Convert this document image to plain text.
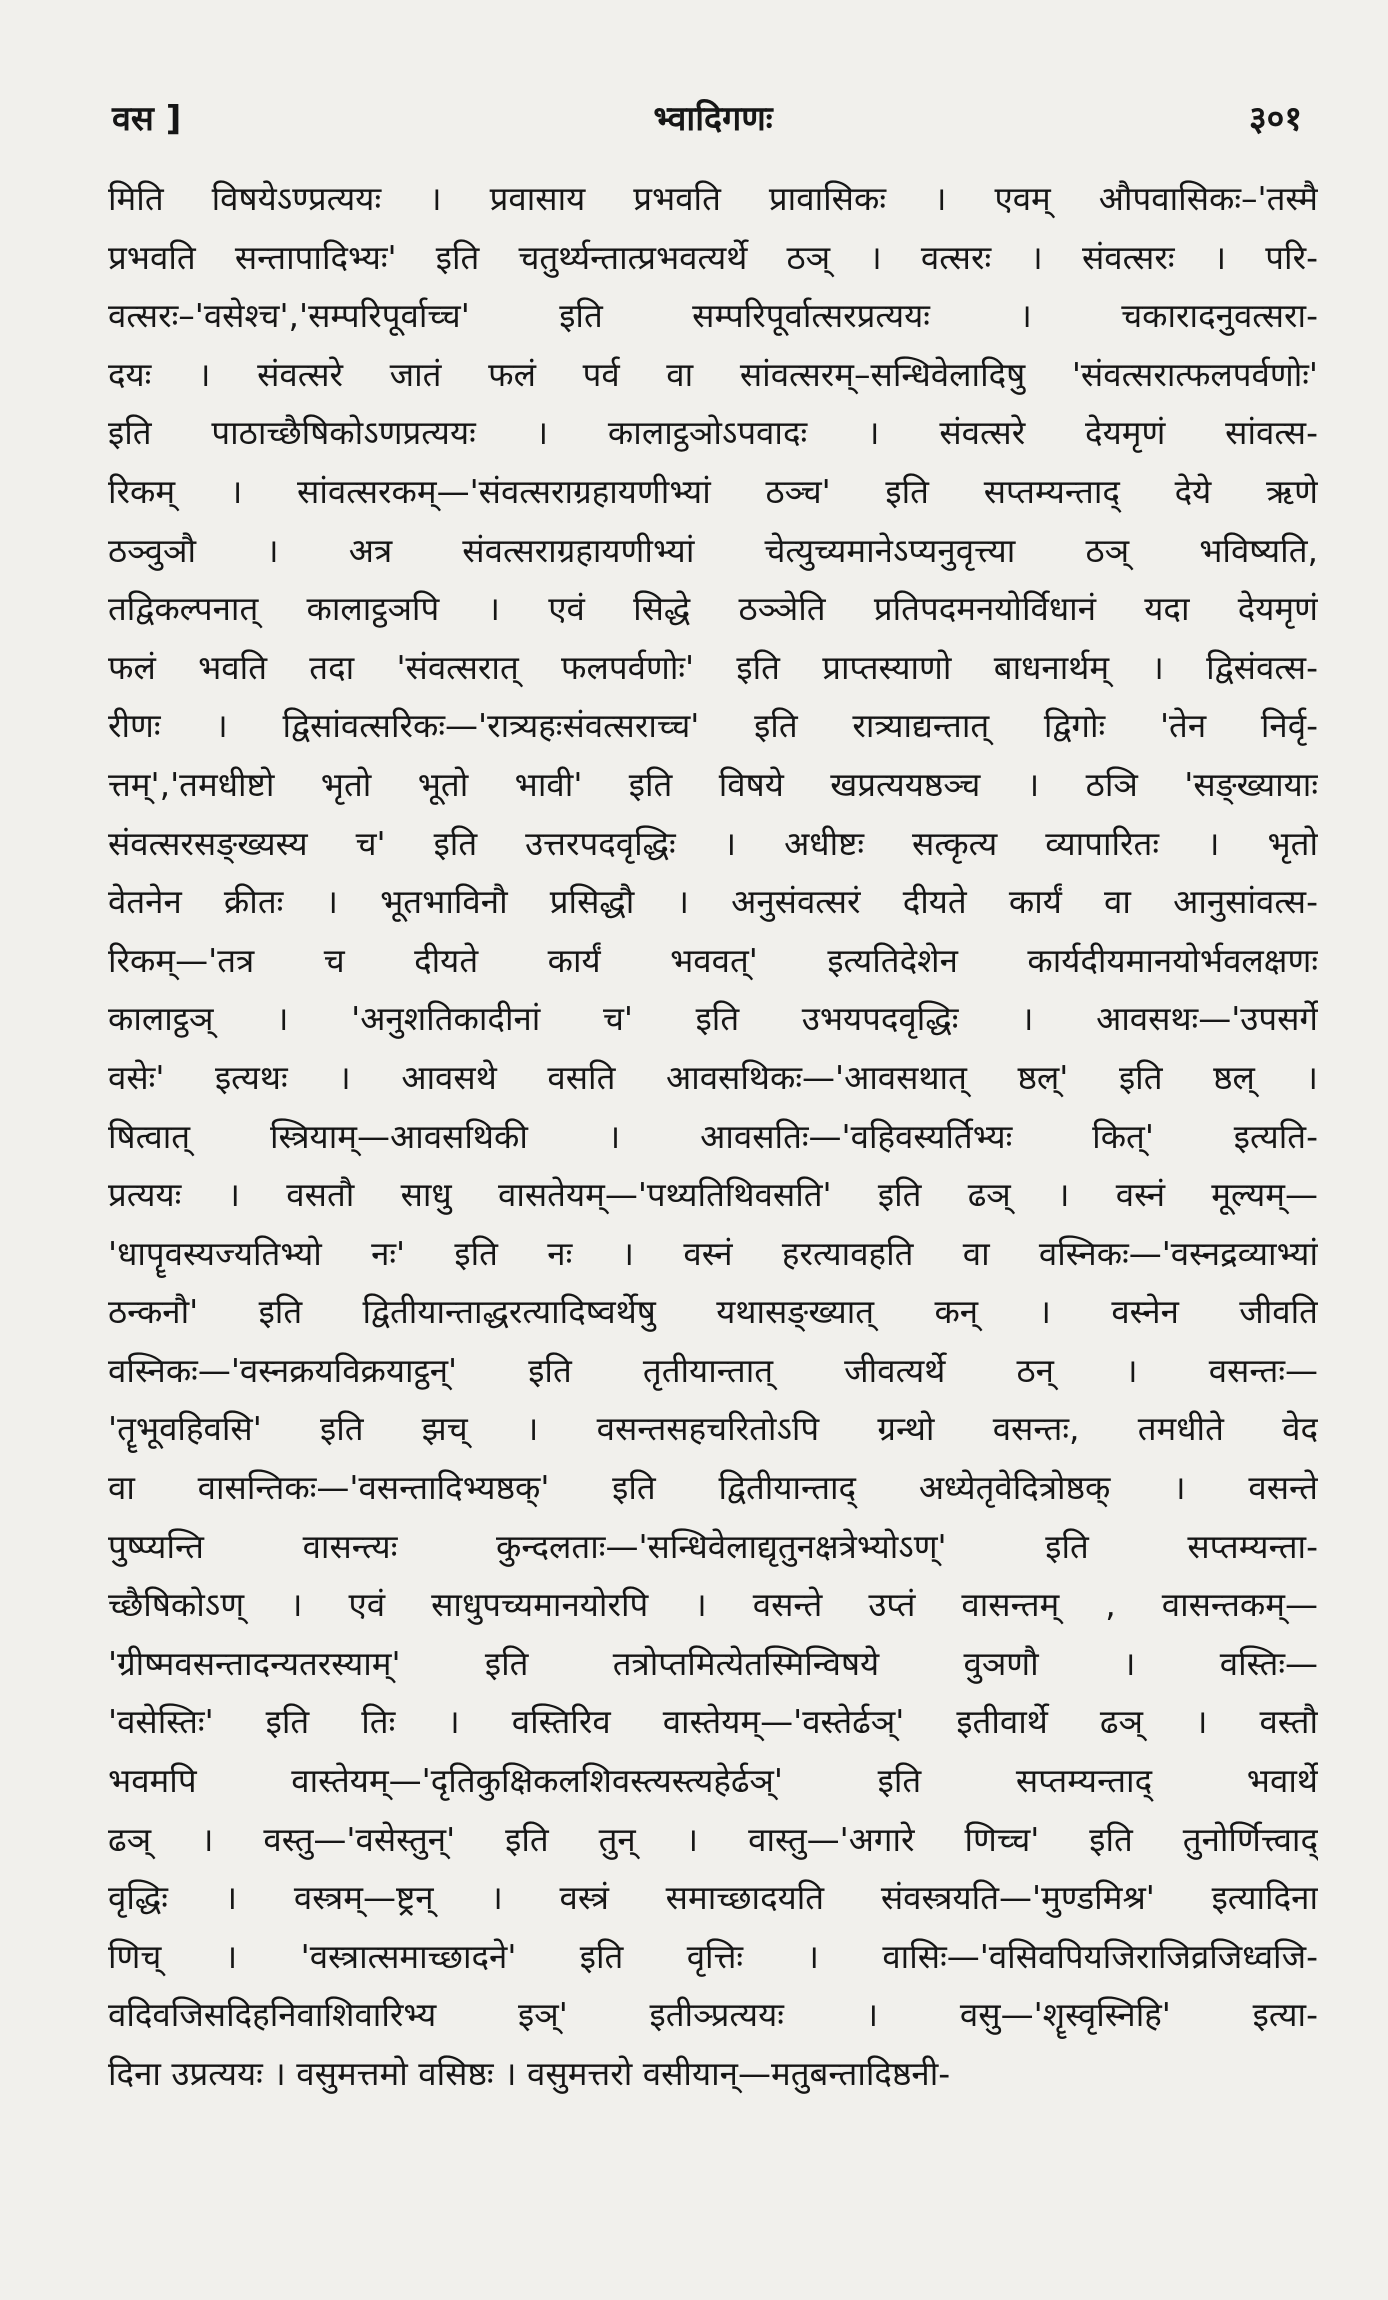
वस ]	भ्वादिगणः	३०१
मिति विषयेऽण्प्रत्ययः । प्रवासाय प्रभवति प्रावासिकः । एवम् औपवासिकः–'तस्मै
प्रभवति सन्तापादिभ्यः' इति चतुर्थ्यन्तात्प्रभवत्यर्थे ठञ् । वत्सरः । संवत्सरः । परि-
वत्सरः–'वसेश्च','सम्परिपूर्वाच्च' इति सम्परिपूर्वात्सरप्रत्ययः । चकारादनुवत्सरा-
दयः । संवत्सरे जातं फलं पर्व वा सांवत्सरम्–सन्धिवेलादिषु 'संवत्सरात्फलपर्वणोः'
इति पाठाच्छैषिकोऽणप्रत्ययः । कालाट्ठञोऽपवादः । संवत्सरे देयमृणं सांवत्स-
रिकम् । सांवत्सरकम्—'संवत्सराग्रहायणीभ्यां ठञ्च' इति सप्तम्यन्ताद् देये ऋणे
ठञ्वुञौ । अत्र संवत्सराग्रहायणीभ्यां चेत्युच्यमानेऽप्यनुवृत्त्या ठञ् भविष्यति,
तद्विकल्पनात् कालाट्ठञपि । एवं सिद्धे ठञ्ञेति प्रतिपदमनयोर्विधानं यदा देयमृणं
फलं भवति तदा 'संवत्सरात् फलपर्वणोः' इति प्राप्तस्याणो बाधनार्थम् । द्विसंवत्स-
रीणः । द्विसांवत्सरिकः—'रात्र्यहःसंवत्सराच्च' इति रात्र्याद्यन्तात् द्विगोः 'तेन निर्वृ-
त्तम्','तमधीष्टो भृतो भूतो भावी' इति विषये खप्रत्ययष्ठञ्च । ठञि 'सङ्ख्यायाः
संवत्सरसङ्ख्यस्य च' इति उत्तरपदवृद्धिः । अधीष्टः सत्कृत्य व्यापारितः । भृतो
वेतनेन क्रीतः । भूतभाविनौ प्रसिद्धौ । अनुसंवत्सरं दीयते कार्यं वा आनुसांवत्स-
रिकम्—'तत्र च दीयते कार्यं भववत्' इत्यतिदेशेन कार्यदीयमानयोर्भवलक्षणः
कालाट्ठञ् । 'अनुशतिकादीनां च' इति उभयपदवृद्धिः । आवसथः—'उपसर्गे
वसेः' इत्यथः । आवसथे वसति आवसथिकः—'आवसथात् ष्ठल्' इति ष्ठल् ।
षित्वात् स्त्रियाम्—आवसथिकी । आवसतिः—'वहिवस्यर्तिभ्यः कित्' इत्यति-
प्रत्ययः । वसतौ साधु वासतेयम्—'पथ्यतिथिवसति' इति ढञ् । वस्नं मूल्यम्—
'धापॄवस्यज्यतिभ्यो नः' इति नः । वस्नं हरत्यावहति वा वस्निकः—'वस्नद्रव्याभ्यां
ठन्कनौ' इति द्वितीयान्ताद्धरत्यादिष्वर्थेषु यथासङ्ख्यात् कन् । वस्नेन जीवति
वस्निकः—'वस्नक्रयविक्रयाट्ठन्' इति तृतीयान्तात् जीवत्यर्थे ठन् । वसन्तः—
'तॄभूवहिवसि' इति झच् । वसन्तसहचरितोऽपि ग्रन्थो वसन्तः, तमधीते वेद
वा वासन्तिकः—'वसन्तादिभ्यष्ठक्' इति द्वितीयान्ताद् अध्येतृवेदित्रोष्ठक् । वसन्ते
पुष्प्यन्ति वासन्त्यः कुन्दलताः—'सन्धिवेलाद्यृतुनक्षत्रेभ्योऽण्' इति सप्तम्यन्ता-
च्छैषिकोऽण् । एवं साधुपच्यमानयोरपि । वसन्ते उप्तं वासन्तम् , वासन्तकम्—
'ग्रीष्मवसन्तादन्यतरस्याम्' इति तत्रोप्तमित्येतस्मिन्विषये वुञणौ । वस्तिः—
'वसेस्तिः' इति तिः । वस्तिरिव वास्तेयम्—'वस्तेर्ढञ्' इतीवार्थे ढञ् । वस्तौ
भवमपि वास्तेयम्—'दृतिकुक्षिकलशिवस्त्यस्त्यहेर्ढञ्' इति सप्तम्यन्ताद् भवार्थे
ढञ् । वस्तु—'वसेस्तुन्' इति तुन् । वास्तु—'अगारे णिच्च' इति तुनोर्णित्त्वाद्
वृद्धिः । वस्त्रम्—ष्ट्रन् । वस्त्रं समाच्छादयति संवस्त्रयति—'मुण्डमिश्र' इत्यादिना
णिच् । 'वस्त्रात्समाच्छादने' इति वृत्तिः । वासिः—'वसिवपियजिराजिव्रजिध्वजि-
वदिवजिसदिहनिवाशिवारिभ्य इञ्' इतीञ्प्रत्ययः । वसु—'शॄस्वृस्निहि' इत्या-
दिना उप्रत्ययः । वसुमत्तमो वसिष्ठः । वसुमत्तरो वसीयान्—मतुबन्तादिष्ठनी-
